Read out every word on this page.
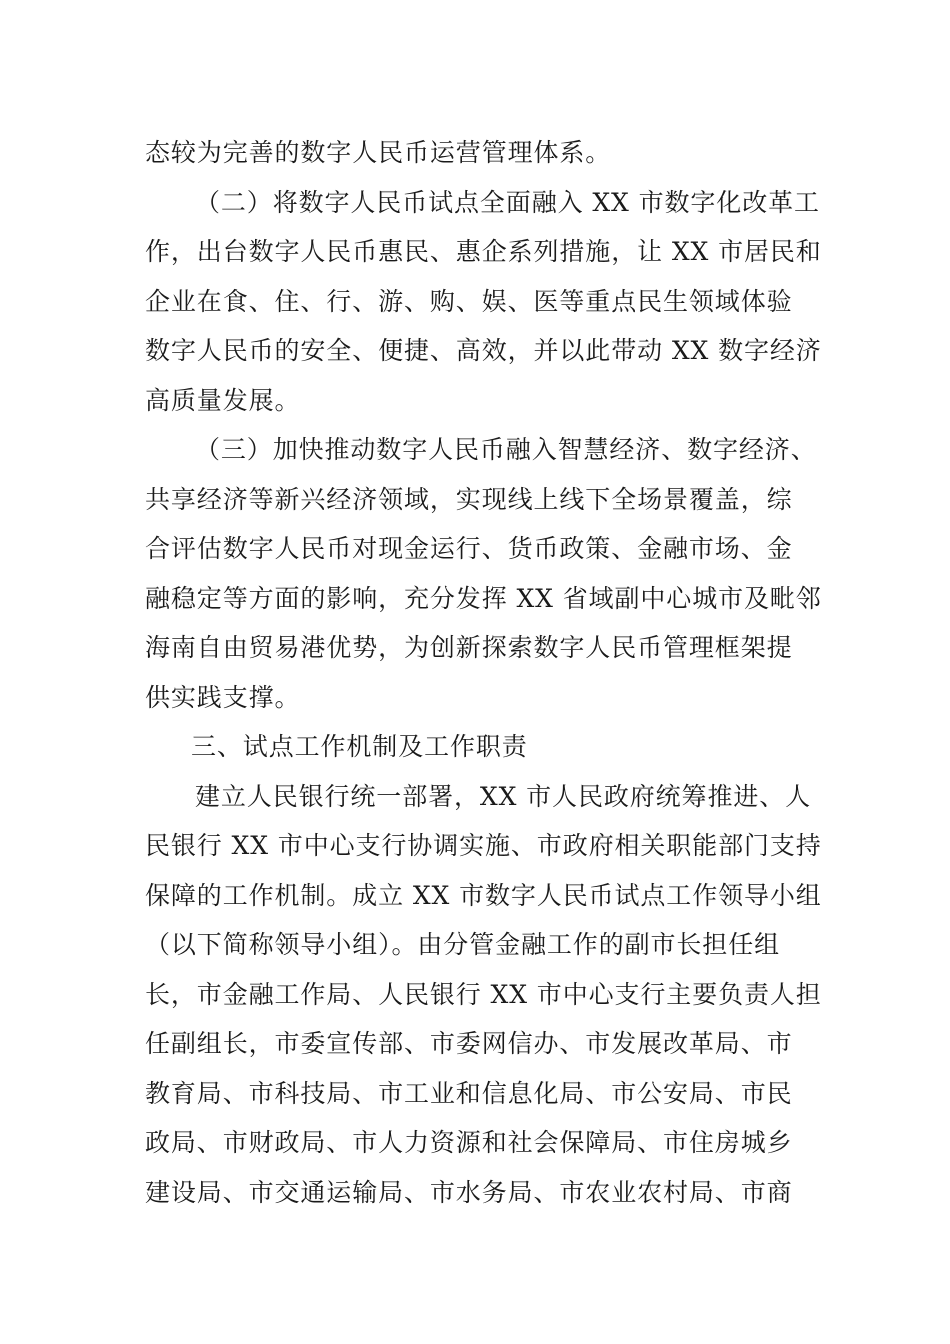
态较为完善的数字人民币运营管理体系。
（二）将数字人民币试点全面融入 XX 市数字化改革工
作，出台数字人民币惠民、惠企系列措施，让 XX 市居民和
企业在食、住、行、游、购、娱、医等重点民生领域体验
数字人民币的安全、便捷、高效，并以此带动 XX 数字经济
高质量发展。
（三）加快推动数字人民币融入智慧经济、数字经济、
共享经济等新兴经济领域，实现线上线下全场景覆盖，综
合评估数字人民币对现金运行、货币政策、金融市场、金
融稳定等方面的影响，充分发挥 XX 省域副中心城市及毗邻
海南自由贸易港优势，为创新探索数字人民币管理框架提
供实践支撑。
三、试点工作机制及工作职责
建立人民银行统一部署，XX 市人民政府统筹推进、人
民银行 XX 市中心支行协调实施、市政府相关职能部门支持
保障的工作机制。成立 XX 市数字人民币试点工作领导小组
（以下简称领导小组）。由分管金融工作的副市长担任组
长，市金融工作局、人民银行 XX 市中心支行主要负责人担
任副组长，市委宣传部、市委网信办、市发展改革局、市
教育局、市科技局、市工业和信息化局、市公安局、市民
政局、市财政局、市人力资源和社会保障局、市住房城乡
建设局、市交通运输局、市水务局、市农业农村局、市商
